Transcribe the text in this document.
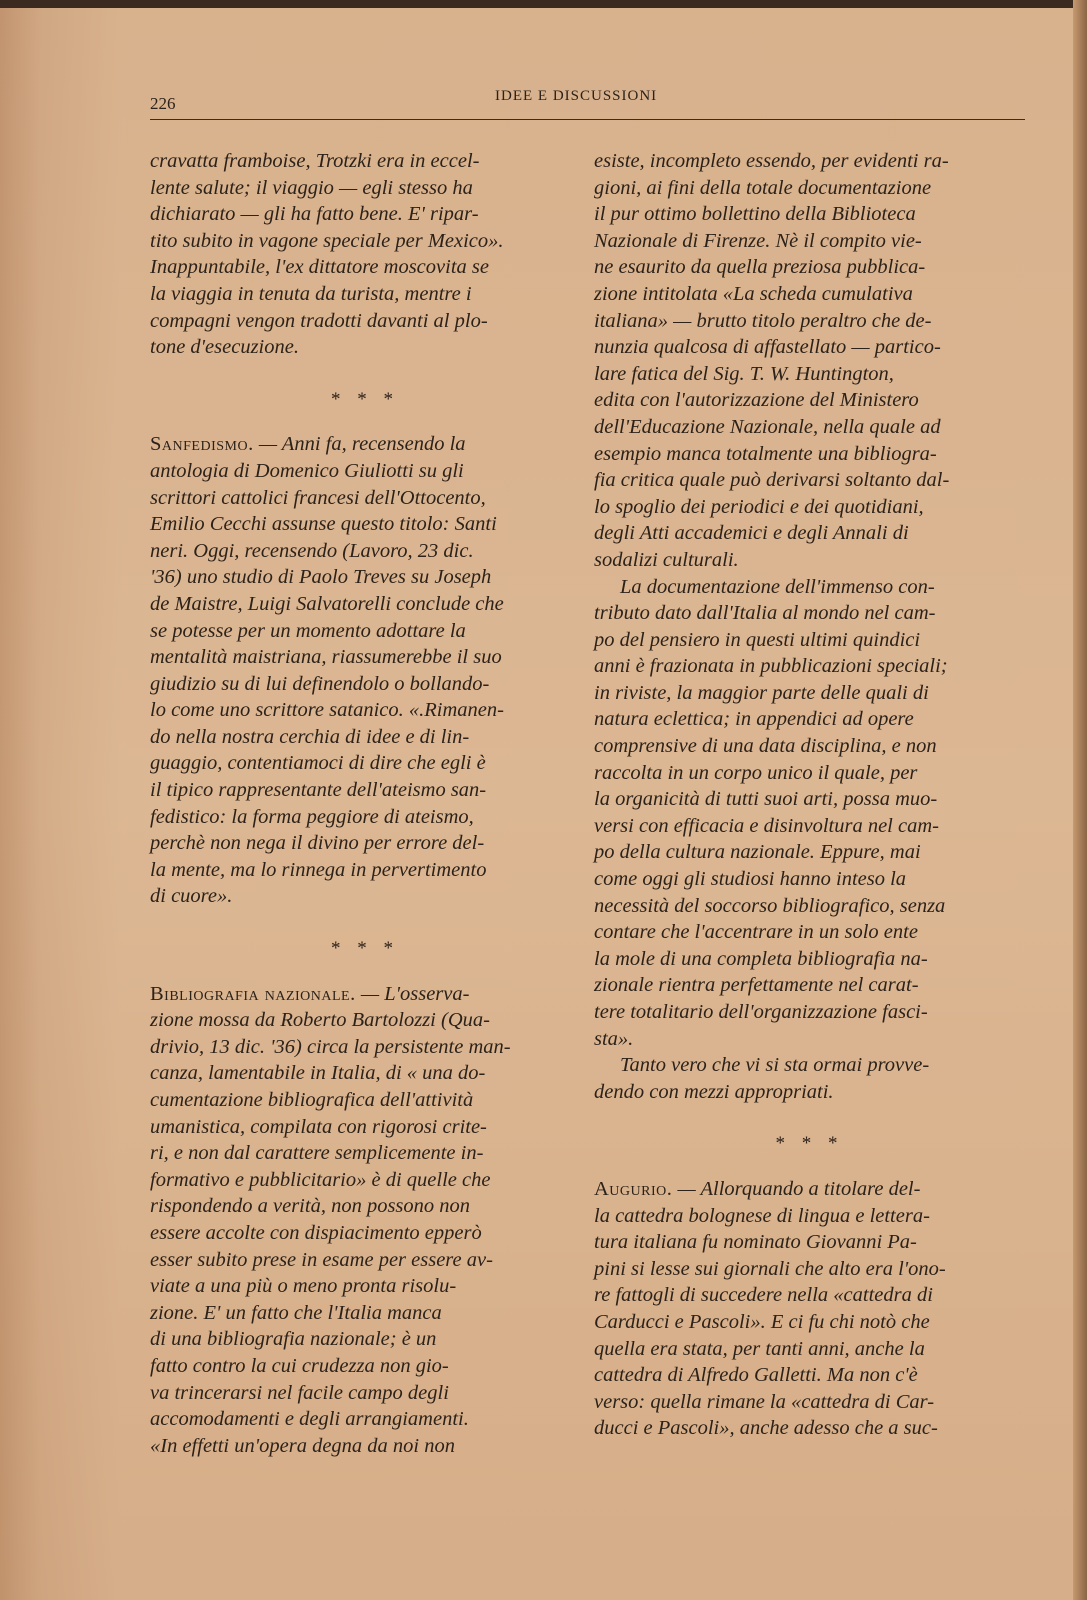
226	IDEE E DISCUSSIONI
cravatta framboise, Trotzki era in eccel-
lente salute; il viaggio — egli stesso ha
dichiarato — gli ha fatto bene. E' ripar-
tito subito in vagone speciale per Mexico».
Inappuntabile, l'ex dittatore moscovita se
la viaggia in tenuta da turista, mentre i
compagni vengon tradotti davanti al plo-
tone d'esecuzione.
* * *
Sanfedismo. — Anni fa, recensendo la
antologia di Domenico Giuliotti su gli
scrittori cattolici francesi dell'Ottocento,
Emilio Cecchi assunse questo titolo: Santi
neri. Oggi, recensendo (Lavoro, 23 dic.
'36) uno studio di Paolo Treves su Joseph
de Maistre, Luigi Salvatorelli conclude che
se potesse per un momento adottare la
mentalità maistriana, riassumerebbe il suo
giudizio su di lui definendolo o bollando-
lo come uno scrittore satanico. «.Rimanen-
do nella nostra cerchia di idee e di lin-
guaggio, contentiamoci di dire che egli è
il tipico rappresentante dell'ateismo san-
fedistico: la forma peggiore di ateismo,
perchè non nega il divino per errore del-
la mente, ma lo rinnega in pervertimento
di cuore».
* * *
Bibliografia nazionale. — L'osserva-
zione mossa da Roberto Bartolozzi (Qua-
drivio, 13 dic. '36) circa la persistente man-
canza, lamentabile in Italia, di « una do-
cumentazione bibliografica dell'attività
umanistica, compilata con rigorosi crite-
ri, e non dal carattere semplicemente in-
formativo e pubblicitario» è di quelle che
rispondendo a verità, non possono non
essere accolte con dispiacimento epperò
esser subito prese in esame per essere av-
viate a una più o meno pronta risolu-
zione. E' un fatto che l'Italia manca
di una bibliografia nazionale; è un
fatto contro la cui crudezza non gio-
va trincerarsi nel facile campo degli
accomodamenti e degli arrangiamenti.
«In effetti un'opera degna da noi non
esiste, incompleto essendo, per evidenti ra-
gioni, ai fini della totale documentazione
il pur ottimo bollettino della Biblioteca
Nazionale di Firenze. Nè il compito vie-
ne esaurito da quella preziosa pubblica-
zione intitolata «La scheda cumulativa
italiana» — brutto titolo peraltro che de-
nunzia qualcosa di affastellato — partico-
lare fatica del Sig. T. W. Huntington,
edita con l'autorizzazione del Ministero
dell'Educazione Nazionale, nella quale ad
esempio manca totalmente una bibliogra-
fia critica quale può derivarsi soltanto dal-
lo spoglio dei periodici e dei quotidiani,
degli Atti accademici e degli Annali di
sodalizi culturali.
La documentazione dell'immenso con-
tributo dato dall'Italia al mondo nel cam-
po del pensiero in questi ultimi quindici
anni è frazionata in pubblicazioni speciali;
in riviste, la maggior parte delle quali di
natura eclettica; in appendici ad opere
comprensive di una data disciplina, e non
raccolta in un corpo unico il quale, per
la organicità di tutti suoi arti, possa muo-
versi con efficacia e disinvoltura nel cam-
po della cultura nazionale. Eppure, mai
come oggi gli studiosi hanno inteso la
necessità del soccorso bibliografico, senza
contare che l'accentrare in un solo ente
la mole di una completa bibliografia na-
zionale rientra perfettamente nel carat-
tere totalitario dell'organizzazione fasci-
sta».
Tanto vero che vi si sta ormai provve-
dendo con mezzi appropriati.
* * *
Augurio. — Allorquando a titolare del-
la cattedra bolognese di lingua e lettera-
tura italiana fu nominato Giovanni Pa-
pini si lesse sui giornali che alto era l'ono-
re fattogli di succedere nella «cattedra di
Carducci e Pascoli». E ci fu chi notò che
quella era stata, per tanti anni, anche la
cattedra di Alfredo Galletti. Ma non c'è
verso: quella rimane la «cattedra di Car-
ducci e Pascoli», anche adesso che a suc-
